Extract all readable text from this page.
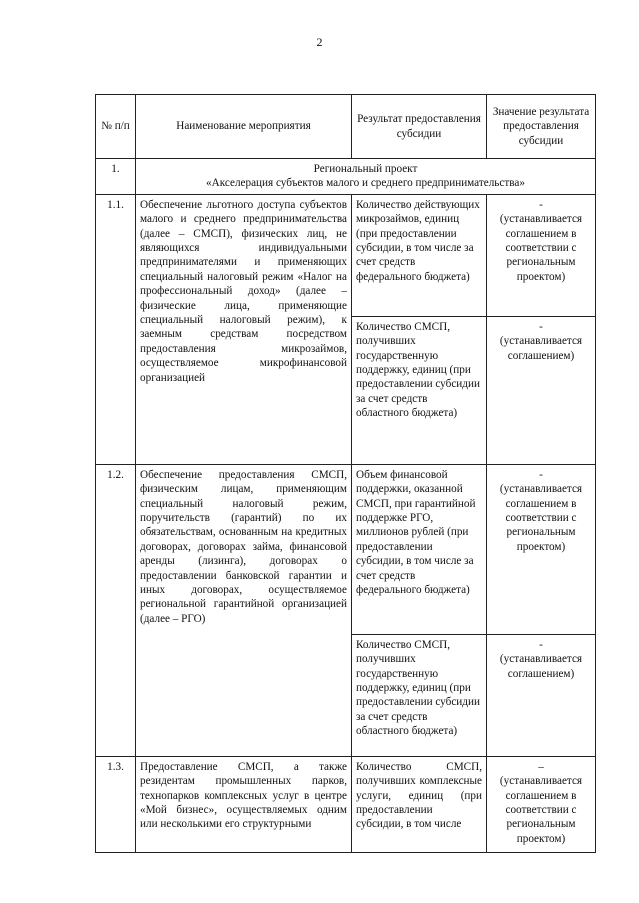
2
№ п/п	Наименование мероприятия	Результат предоставления субсидии	Значение результата предоставления субсидии
1.	Региональный проект
«Акселерация субъектов малого и среднего предпринимательства»		

1.1.	Обеспечение льготного доступа субъектов малого и среднего предпринимательства (далее – СМСП), физических лиц, не являющихся индивидуальными предпринимателями и применяющих специальный налоговый режим «Налог на профессиональный доход» (далее – физические лица, применяющие специальный налоговый режим), к заемным средствам посредством предоставления микрозаймов, осуществляемое микрофинансовой организацией	Количество действующих микрозаймов, единиц (при предоставлении субсидии, в том числе за счет средств федерального бюджета)	-
(устанавливается соглашением в соответствии с региональным проектом)

		Количество СМСП, получивших государственную поддержку, единиц (при предоставлении субсидии за счет средств областного бюджета)	-
(устанавливается соглашением)

1.2.	Обеспечение предоставления СМСП, физическим лицам, применяющим специальный налоговый режим, поручительств (гарантий) по их обязательствам, основанным на кредитных договорах, договорах займа, финансовой аренды (лизинга), договорах о предоставлении банковской гарантии и иных договорах, осуществляемое региональной гарантийной организацией (далее – РГО)	Объем финансовой поддержки, оказанной СМСП, при гарантийной поддержке РГО, миллионов рублей (при предоставлении субсидии, в том числе за счет средств федерального бюджета)	-
(устанавливается соглашением в соответствии с региональным проектом)

		Количество СМСП, получивших государственную поддержку, единиц (при предоставлении субсидии за счет средств областного бюджета)	-
(устанавливается соглашением)

1.3.	Предоставление СМСП, а также резидентам промышленных парков, технопарков комплексных услуг в центре «Мой бизнес», осуществляемых одним или несколькими его структурными	Количество СМСП, получивших комплексные услуги, единиц (при предоставлении субсидии, в том числе	–
(устанавливается соглашением в соответствии с региональным проектом)
